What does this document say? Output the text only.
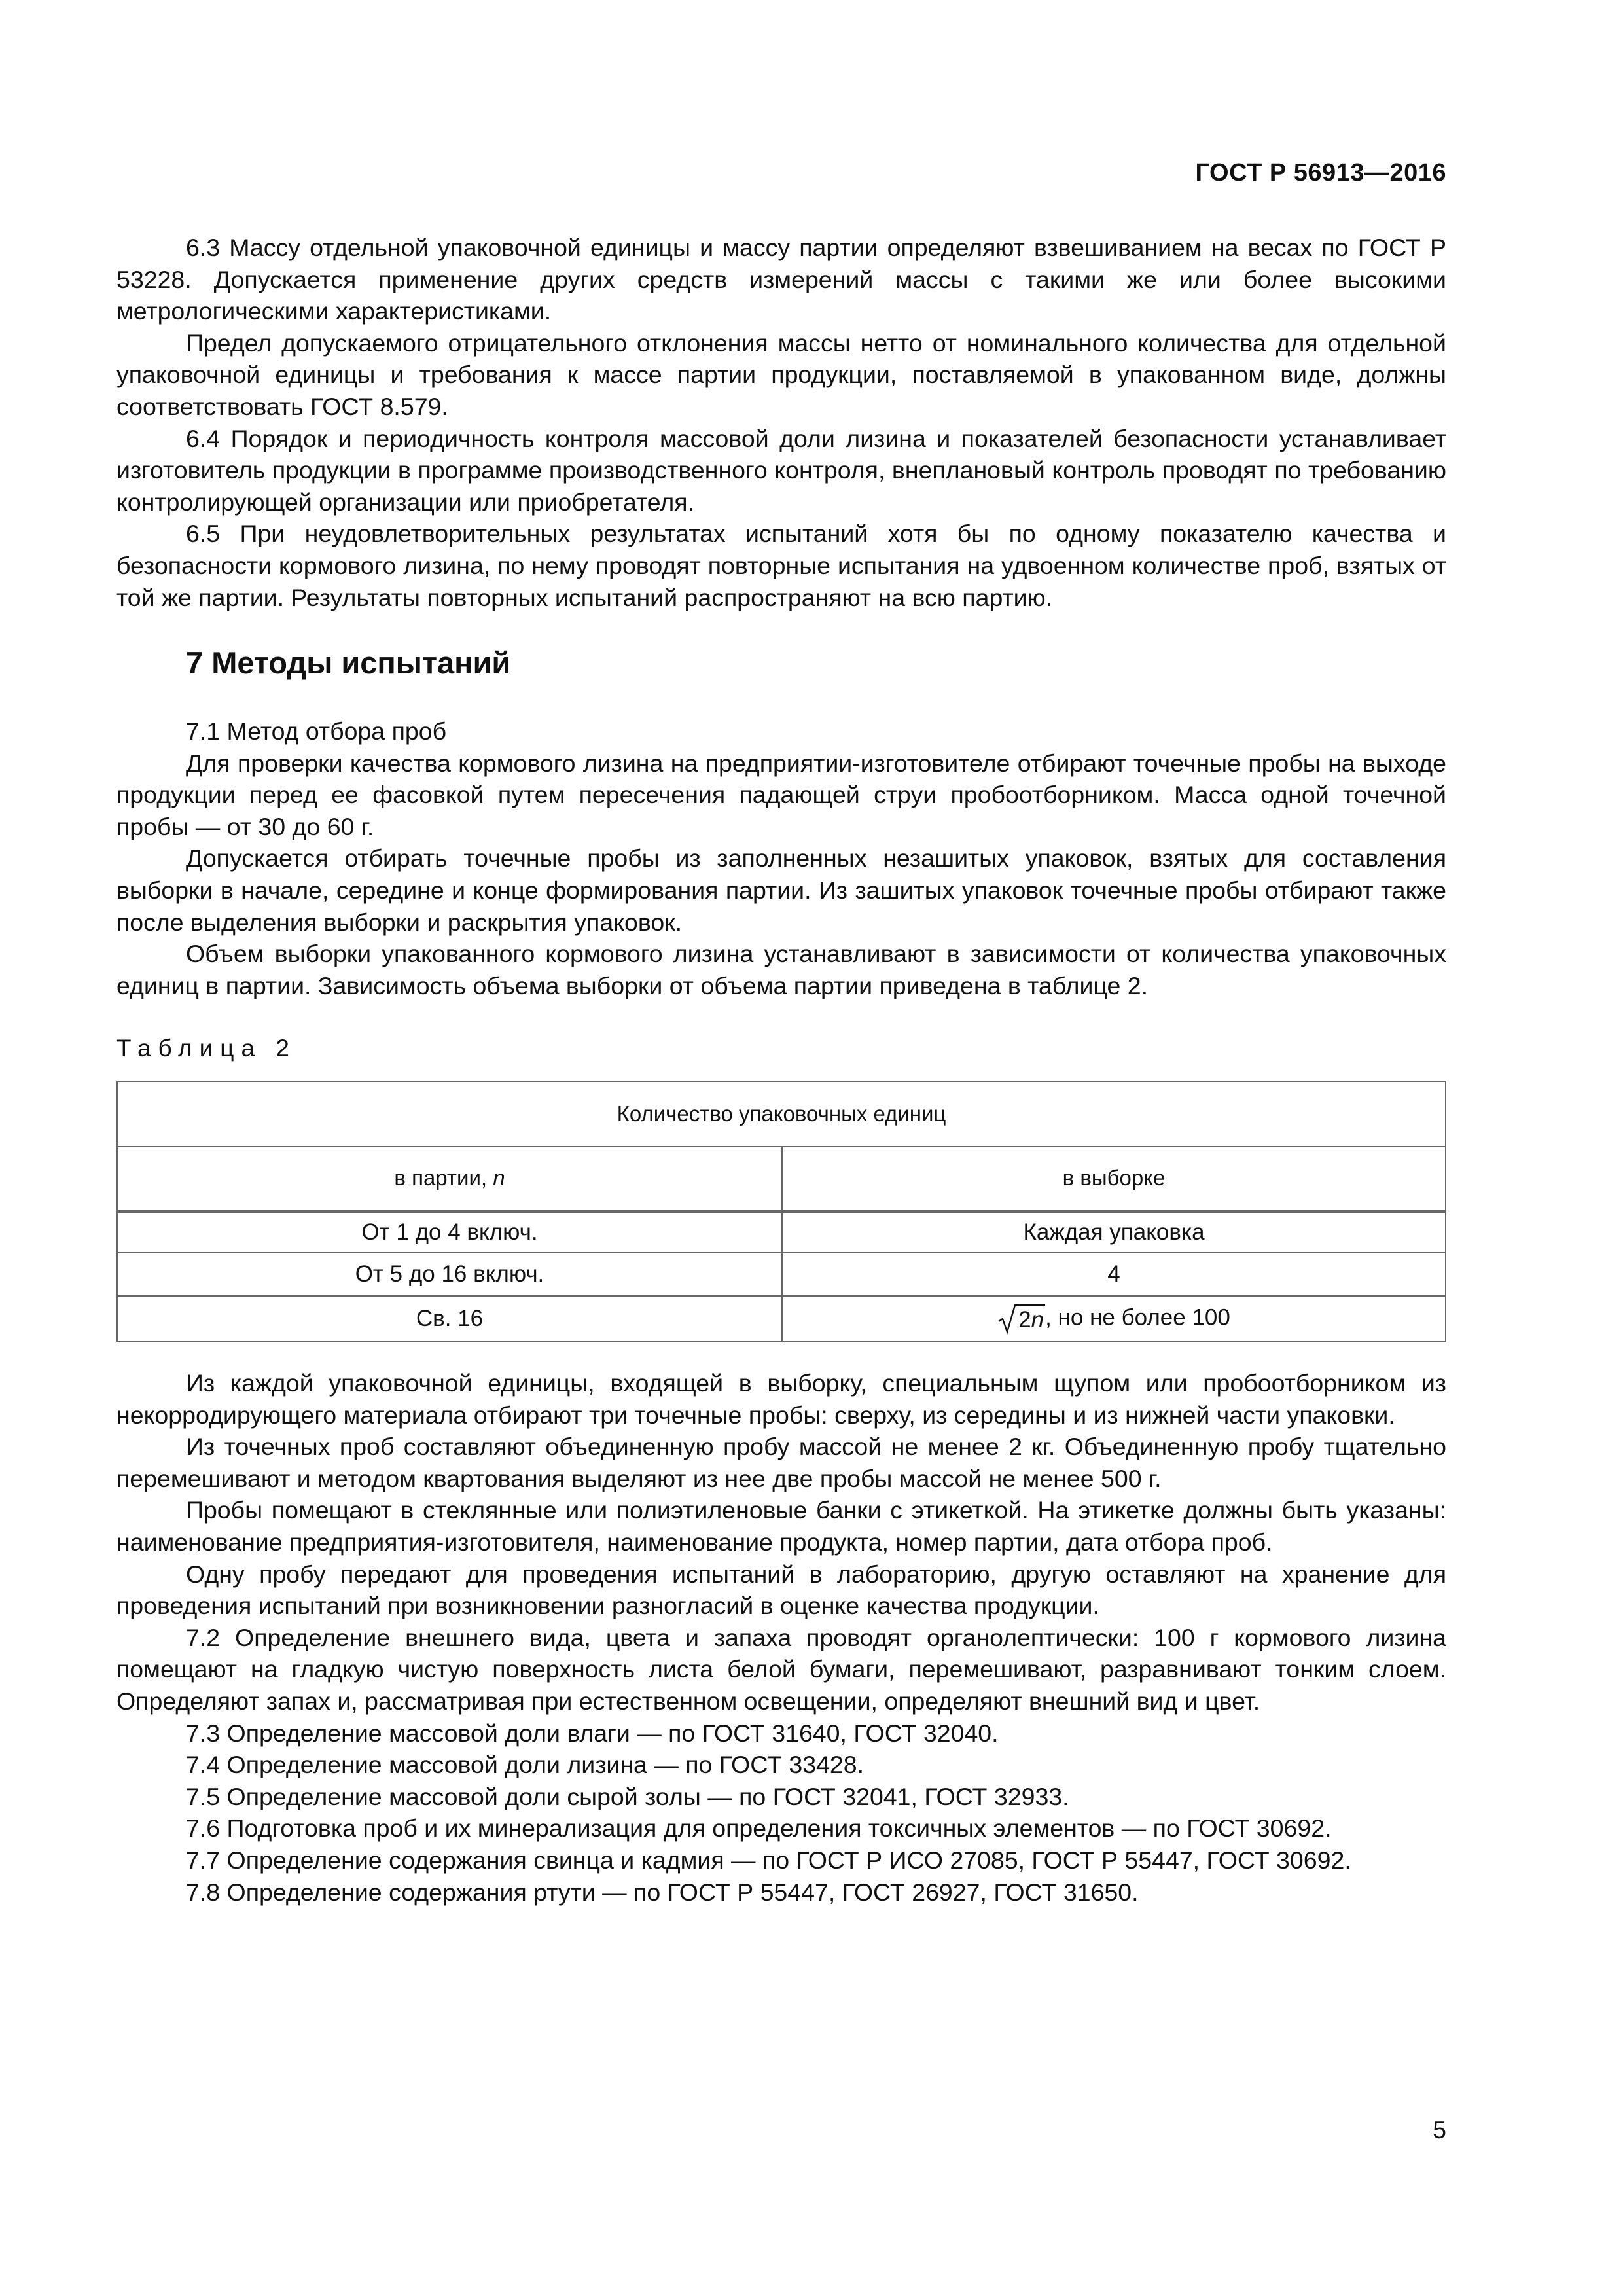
ГОСТ Р 56913—2016

6.3 Массу отдельной упаковочной единицы и массу партии определяют взвешиванием на весах по ГОСТ Р 53228. Допускается применение других средств измерений массы с такими же или более высокими метрологическими характеристиками.

Предел допускаемого отрицательного отклонения массы нетто от номинального количества для отдельной упаковочной единицы и требования к массе партии продукции, поставляемой в упакованном виде, должны соответствовать ГОСТ 8.579.

6.4 Порядок и периодичность контроля массовой доли лизина и показателей безопасности устанавливает изготовитель продукции в программе производственного контроля, внеплановый контроль проводят по требованию контролирующей организации или приобретателя.

6.5 При неудовлетворительных результатах испытаний хотя бы по одному показателю качества и безопасности кормового лизина, по нему проводят повторные испытания на удвоенном количестве проб, взятых от той же партии. Результаты повторных испытаний распространяют на всю партию.

7 Методы испытаний

7.1 Метод отбора проб

Для проверки качества кормового лизина на предприятии-изготовителе отбирают точечные пробы на выходе продукции перед ее фасовкой путем пересечения падающей струи пробоотборником. Масса одной точечной пробы — от 30 до 60 г.

Допускается отбирать точечные пробы из заполненных незашитых упаковок, взятых для составления выборки в начале, середине и конце формирования партии. Из зашитых упаковок точечные пробы отбирают также после выделения выборки и раскрытия упаковок.

Объем выборки упакованного кормового лизина устанавливают в зависимости от количества упаковочных единиц в партии. Зависимость объема выборки от объема партии приведена в таблице 2.

Таблица 2

Количество упаковочных единиц	
в партии, n	в выборке
От 1 до 4 включ.	Каждая упаковка
От 5 до 16 включ.	4
Св. 16	2n, но не более 100

Из каждой упаковочной единицы, входящей в выборку, специальным щупом или пробоотборником из некорродирующего материала отбирают три точечные пробы: сверху, из середины и из нижней части упаковки.

Из точечных проб составляют объединенную пробу массой не менее 2 кг. Объединенную пробу тщательно перемешивают и методом квартования выделяют из нее две пробы массой не менее 500 г.

Пробы помещают в стеклянные или полиэтиленовые банки с этикеткой. На этикетке должны быть указаны: наименование предприятия-изготовителя, наименование продукта, номер партии, дата отбора проб.

Одну пробу передают для проведения испытаний в лабораторию, другую оставляют на хранение для проведения испытаний при возникновении разногласий в оценке качества продукции.

7.2 Определение внешнего вида, цвета и запаха проводят органолептически: 100 г кормового лизина помещают на гладкую чистую поверхность листа белой бумаги, перемешивают, разравнивают тонким слоем. Определяют запах и, рассматривая при естественном освещении, определяют внешний вид и цвет.

7.3 Определение массовой доли влаги — по ГОСТ 31640, ГОСТ 32040.

7.4 Определение массовой доли лизина — по ГОСТ 33428.

7.5 Определение массовой доли сырой золы — по ГОСТ 32041, ГОСТ 32933.

7.6 Подготовка проб и их минерализация для определения токсичных элементов — по ГОСТ 30692.

7.7 Определение содержания свинца и кадмия — по ГОСТ Р ИСО 27085, ГОСТ Р 55447, ГОСТ 30692.

7.8 Определение содержания ртути — по ГОСТ Р 55447, ГОСТ 26927, ГОСТ 31650.

5
